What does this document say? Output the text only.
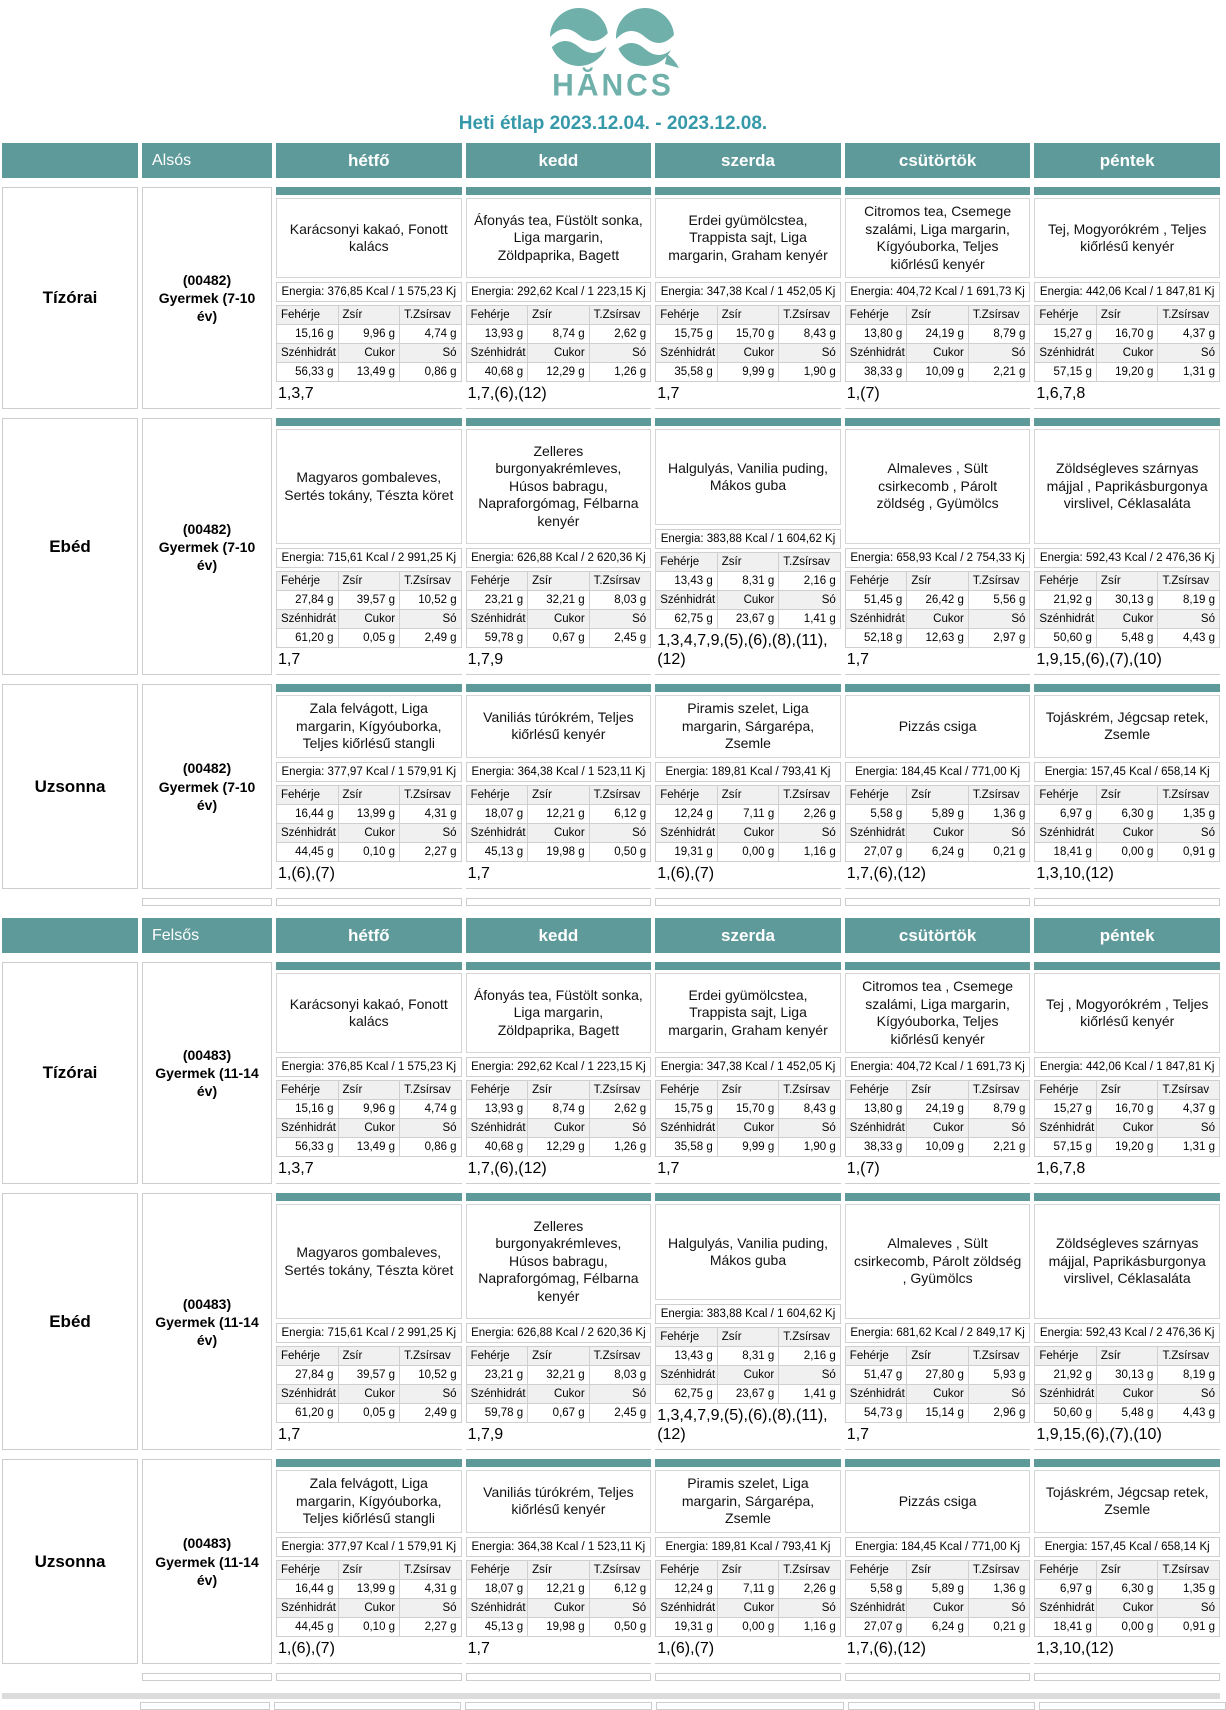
HĂNCS
Heti étlap 2023.12.04. - 2023.12.08.
Alsós	hétfő	kedd	szerda	csütörtök	péntek
Tízórai
(00482) Gyermek (7-10 év)
Karácsonyi kakaó, Fonott kalács
Energia: 376,85 Kcal / 1 575,23 Kj
Fehérje	Zsír	T.Zsírsav
15,16 g	9,96 g	4,74 g
Szénhidrát	Cukor	Só
56,33 g	13,49 g	0,86 g
1,3,7
Áfonyás tea, Füstölt sonka, Liga margarin, Zöldpaprika, Bagett
Energia: 292,62 Kcal / 1 223,15 Kj
Fehérje	Zsír	T.Zsírsav
13,93 g	8,74 g	2,62 g
Szénhidrát	Cukor	Só
40,68 g	12,29 g	1,26 g
1,7,(6),(12)
Erdei gyümölcstea, Trappista sajt, Liga margarin, Graham kenyér
Energia: 347,38 Kcal / 1 452,05 Kj
Fehérje	Zsír	T.Zsírsav
15,75 g	15,70 g	8,43 g
Szénhidrát	Cukor	Só
35,58 g	9,99 g	1,90 g
1,7
Citromos tea, Csemege szalámi, Liga margarin, Kígyóuborka, Teljes kiőrlésű kenyér
Energia: 404,72 Kcal / 1 691,73 Kj
Fehérje	Zsír	T.Zsírsav
13,80 g	24,19 g	8,79 g
Szénhidrát	Cukor	Só
38,33 g	10,09 g	2,21 g
1,(7)
Tej, Mogyorókrém , Teljes kiőrlésű kenyér
Energia: 442,06 Kcal / 1 847,81 Kj
Fehérje	Zsír	T.Zsírsav
15,27 g	16,70 g	4,37 g
Szénhidrát	Cukor	Só
57,15 g	19,20 g	1,31 g
1,6,7,8
Ebéd
(00482) Gyermek (7-10 év)
Magyaros gombaleves, Sertés tokány, Tészta köret
Energia: 715,61 Kcal / 2 991,25 Kj
Fehérje	Zsír	T.Zsírsav
27,84 g	39,57 g	10,52 g
Szénhidrát	Cukor	Só
61,20 g	0,05 g	2,49 g
1,7
Zelleres burgonyakrémleves, Húsos babragu, Napraforgómag, Félbarna kenyér
Energia: 626,88 Kcal / 2 620,36 Kj
Fehérje	Zsír	T.Zsírsav
23,21 g	32,21 g	8,03 g
Szénhidrát	Cukor	Só
59,78 g	0,67 g	2,45 g
1,7,9
Halgulyás, Vanilia puding, Mákos guba
Energia: 383,88 Kcal / 1 604,62 Kj
Fehérje	Zsír	T.Zsírsav
13,43 g	8,31 g	2,16 g
Szénhidrát	Cukor	Só
62,75 g	23,67 g	1,41 g
1,3,4,7,9,(5),(6),(8),(11), (12)
Almaleves , Sült csirkecomb , Párolt zöldség , Gyümölcs
Energia: 658,93 Kcal / 2 754,33 Kj
Fehérje	Zsír	T.Zsírsav
51,45 g	26,42 g	5,56 g
Szénhidrát	Cukor	Só
52,18 g	12,63 g	2,97 g
1,7
Zöldségleves szárnyas májjal , Paprikásburgonya virslivel, Céklasaláta
Energia: 592,43 Kcal / 2 476,36 Kj
Fehérje	Zsír	T.Zsírsav
21,92 g	30,13 g	8,19 g
Szénhidrát	Cukor	Só
50,60 g	5,48 g	4,43 g
1,9,15,(6),(7),(10)
Uzsonna
(00482) Gyermek (7-10 év)
Zala felvágott, Liga margarin, Kígyóuborka, Teljes kiőrlésű stangli
Energia: 377,97 Kcal / 1 579,91 Kj
Fehérje	Zsír	T.Zsírsav
16,44 g	13,99 g	4,31 g
Szénhidrát	Cukor	Só
44,45 g	0,10 g	2,27 g
1,(6),(7)
Vaniliás túrókrém, Teljes kiőrlésű kenyér
Energia: 364,38 Kcal / 1 523,11 Kj
Fehérje	Zsír	T.Zsírsav
18,07 g	12,21 g	6,12 g
Szénhidrát	Cukor	Só
45,13 g	19,98 g	0,50 g
1,7
Piramis szelet, Liga margarin, Sárgarépa, Zsemle
Energia: 189,81 Kcal / 793,41 Kj
Fehérje	Zsír	T.Zsírsav
12,24 g	7,11 g	2,26 g
Szénhidrát	Cukor	Só
19,31 g	0,00 g	1,16 g
1,(6),(7)
Pizzás csiga
Energia: 184,45 Kcal / 771,00 Kj
Fehérje	Zsír	T.Zsírsav
5,58 g	5,89 g	1,36 g
Szénhidrát	Cukor	Só
27,07 g	6,24 g	0,21 g
1,7,(6),(12)
Tojáskrém, Jégcsap retek, Zsemle
Energia: 157,45 Kcal / 658,14 Kj
Fehérje	Zsír	T.Zsírsav
6,97 g	6,30 g	1,35 g
Szénhidrát	Cukor	Só
18,41 g	0,00 g	0,91 g
1,3,10,(12)
Felsős	hétfő	kedd	szerda	csütörtök	péntek
Tízórai
(00483) Gyermek (11-14 év)
Karácsonyi kakaó, Fonott kalács
Energia: 376,85 Kcal / 1 575,23 Kj
Fehérje	Zsír	T.Zsírsav
15,16 g	9,96 g	4,74 g
Szénhidrát	Cukor	Só
56,33 g	13,49 g	0,86 g
1,3,7
Áfonyás tea, Füstölt sonka, Liga margarin, Zöldpaprika, Bagett
Energia: 292,62 Kcal / 1 223,15 Kj
Fehérje	Zsír	T.Zsírsav
13,93 g	8,74 g	2,62 g
Szénhidrát	Cukor	Só
40,68 g	12,29 g	1,26 g
1,7,(6),(12)
Erdei gyümölcstea, Trappista sajt, Liga margarin, Graham kenyér
Energia: 347,38 Kcal / 1 452,05 Kj
Fehérje	Zsír	T.Zsírsav
15,75 g	15,70 g	8,43 g
Szénhidrát	Cukor	Só
35,58 g	9,99 g	1,90 g
1,7
Citromos tea , Csemege szalámi, Liga margarin, Kígyóuborka, Teljes kiőrlésű kenyér
Energia: 404,72 Kcal / 1 691,73 Kj
Fehérje	Zsír	T.Zsírsav
13,80 g	24,19 g	8,79 g
Szénhidrát	Cukor	Só
38,33 g	10,09 g	2,21 g
1,(7)
Tej , Mogyorókrém , Teljes kiőrlésű kenyér
Energia: 442,06 Kcal / 1 847,81 Kj
Fehérje	Zsír	T.Zsírsav
15,27 g	16,70 g	4,37 g
Szénhidrát	Cukor	Só
57,15 g	19,20 g	1,31 g
1,6,7,8
Ebéd
(00483) Gyermek (11-14 év)
Magyaros gombaleves, Sertés tokány, Tészta köret
Energia: 715,61 Kcal / 2 991,25 Kj
Fehérje	Zsír	T.Zsírsav
27,84 g	39,57 g	10,52 g
Szénhidrát	Cukor	Só
61,20 g	0,05 g	2,49 g
1,7
Zelleres burgonyakrémleves, Húsos babragu, Napraforgómag, Félbarna kenyér
Energia: 626,88 Kcal / 2 620,36 Kj
Fehérje	Zsír	T.Zsírsav
23,21 g	32,21 g	8,03 g
Szénhidrát	Cukor	Só
59,78 g	0,67 g	2,45 g
1,7,9
Halgulyás, Vanilia puding, Mákos guba
Energia: 383,88 Kcal / 1 604,62 Kj
Fehérje	Zsír	T.Zsírsav
13,43 g	8,31 g	2,16 g
Szénhidrát	Cukor	Só
62,75 g	23,67 g	1,41 g
1,3,4,7,9,(5),(6),(8),(11), (12)
Almaleves , Sült csirkecomb, Párolt zöldség , Gyümölcs
Energia: 681,62 Kcal / 2 849,17 Kj
Fehérje	Zsír	T.Zsírsav
51,47 g	27,80 g	5,93 g
Szénhidrát	Cukor	Só
54,73 g	15,14 g	2,96 g
1,7
Zöldségleves szárnyas májjal, Paprikásburgonya virslivel, Céklasaláta
Energia: 592,43 Kcal / 2 476,36 Kj
Fehérje	Zsír	T.Zsírsav
21,92 g	30,13 g	8,19 g
Szénhidrát	Cukor	Só
50,60 g	5,48 g	4,43 g
1,9,15,(6),(7),(10)
Uzsonna
(00483) Gyermek (11-14 év)
Zala felvágott, Liga margarin, Kígyóuborka, Teljes kiőrlésű stangli
Energia: 377,97 Kcal / 1 579,91 Kj
Fehérje	Zsír	T.Zsírsav
16,44 g	13,99 g	4,31 g
Szénhidrát	Cukor	Só
44,45 g	0,10 g	2,27 g
1,(6),(7)
Vaniliás túrókrém, Teljes kiőrlésű kenyér
Energia: 364,38 Kcal / 1 523,11 Kj
Fehérje	Zsír	T.Zsírsav
18,07 g	12,21 g	6,12 g
Szénhidrát	Cukor	Só
45,13 g	19,98 g	0,50 g
1,7
Piramis szelet, Liga margarin, Sárgarépa, Zsemle
Energia: 189,81 Kcal / 793,41 Kj
Fehérje	Zsír	T.Zsírsav
12,24 g	7,11 g	2,26 g
Szénhidrát	Cukor	Só
19,31 g	0,00 g	1,16 g
1,(6),(7)
Pizzás csiga
Energia: 184,45 Kcal / 771,00 Kj
Fehérje	Zsír	T.Zsírsav
5,58 g	5,89 g	1,36 g
Szénhidrát	Cukor	Só
27,07 g	6,24 g	0,21 g
1,7,(6),(12)
Tojáskrém, Jégcsap retek, Zsemle
Energia: 157,45 Kcal / 658,14 Kj
Fehérje	Zsír	T.Zsírsav
6,97 g	6,30 g	1,35 g
Szénhidrát	Cukor	Só
18,41 g	0,00 g	0,91 g
1,3,10,(12)
